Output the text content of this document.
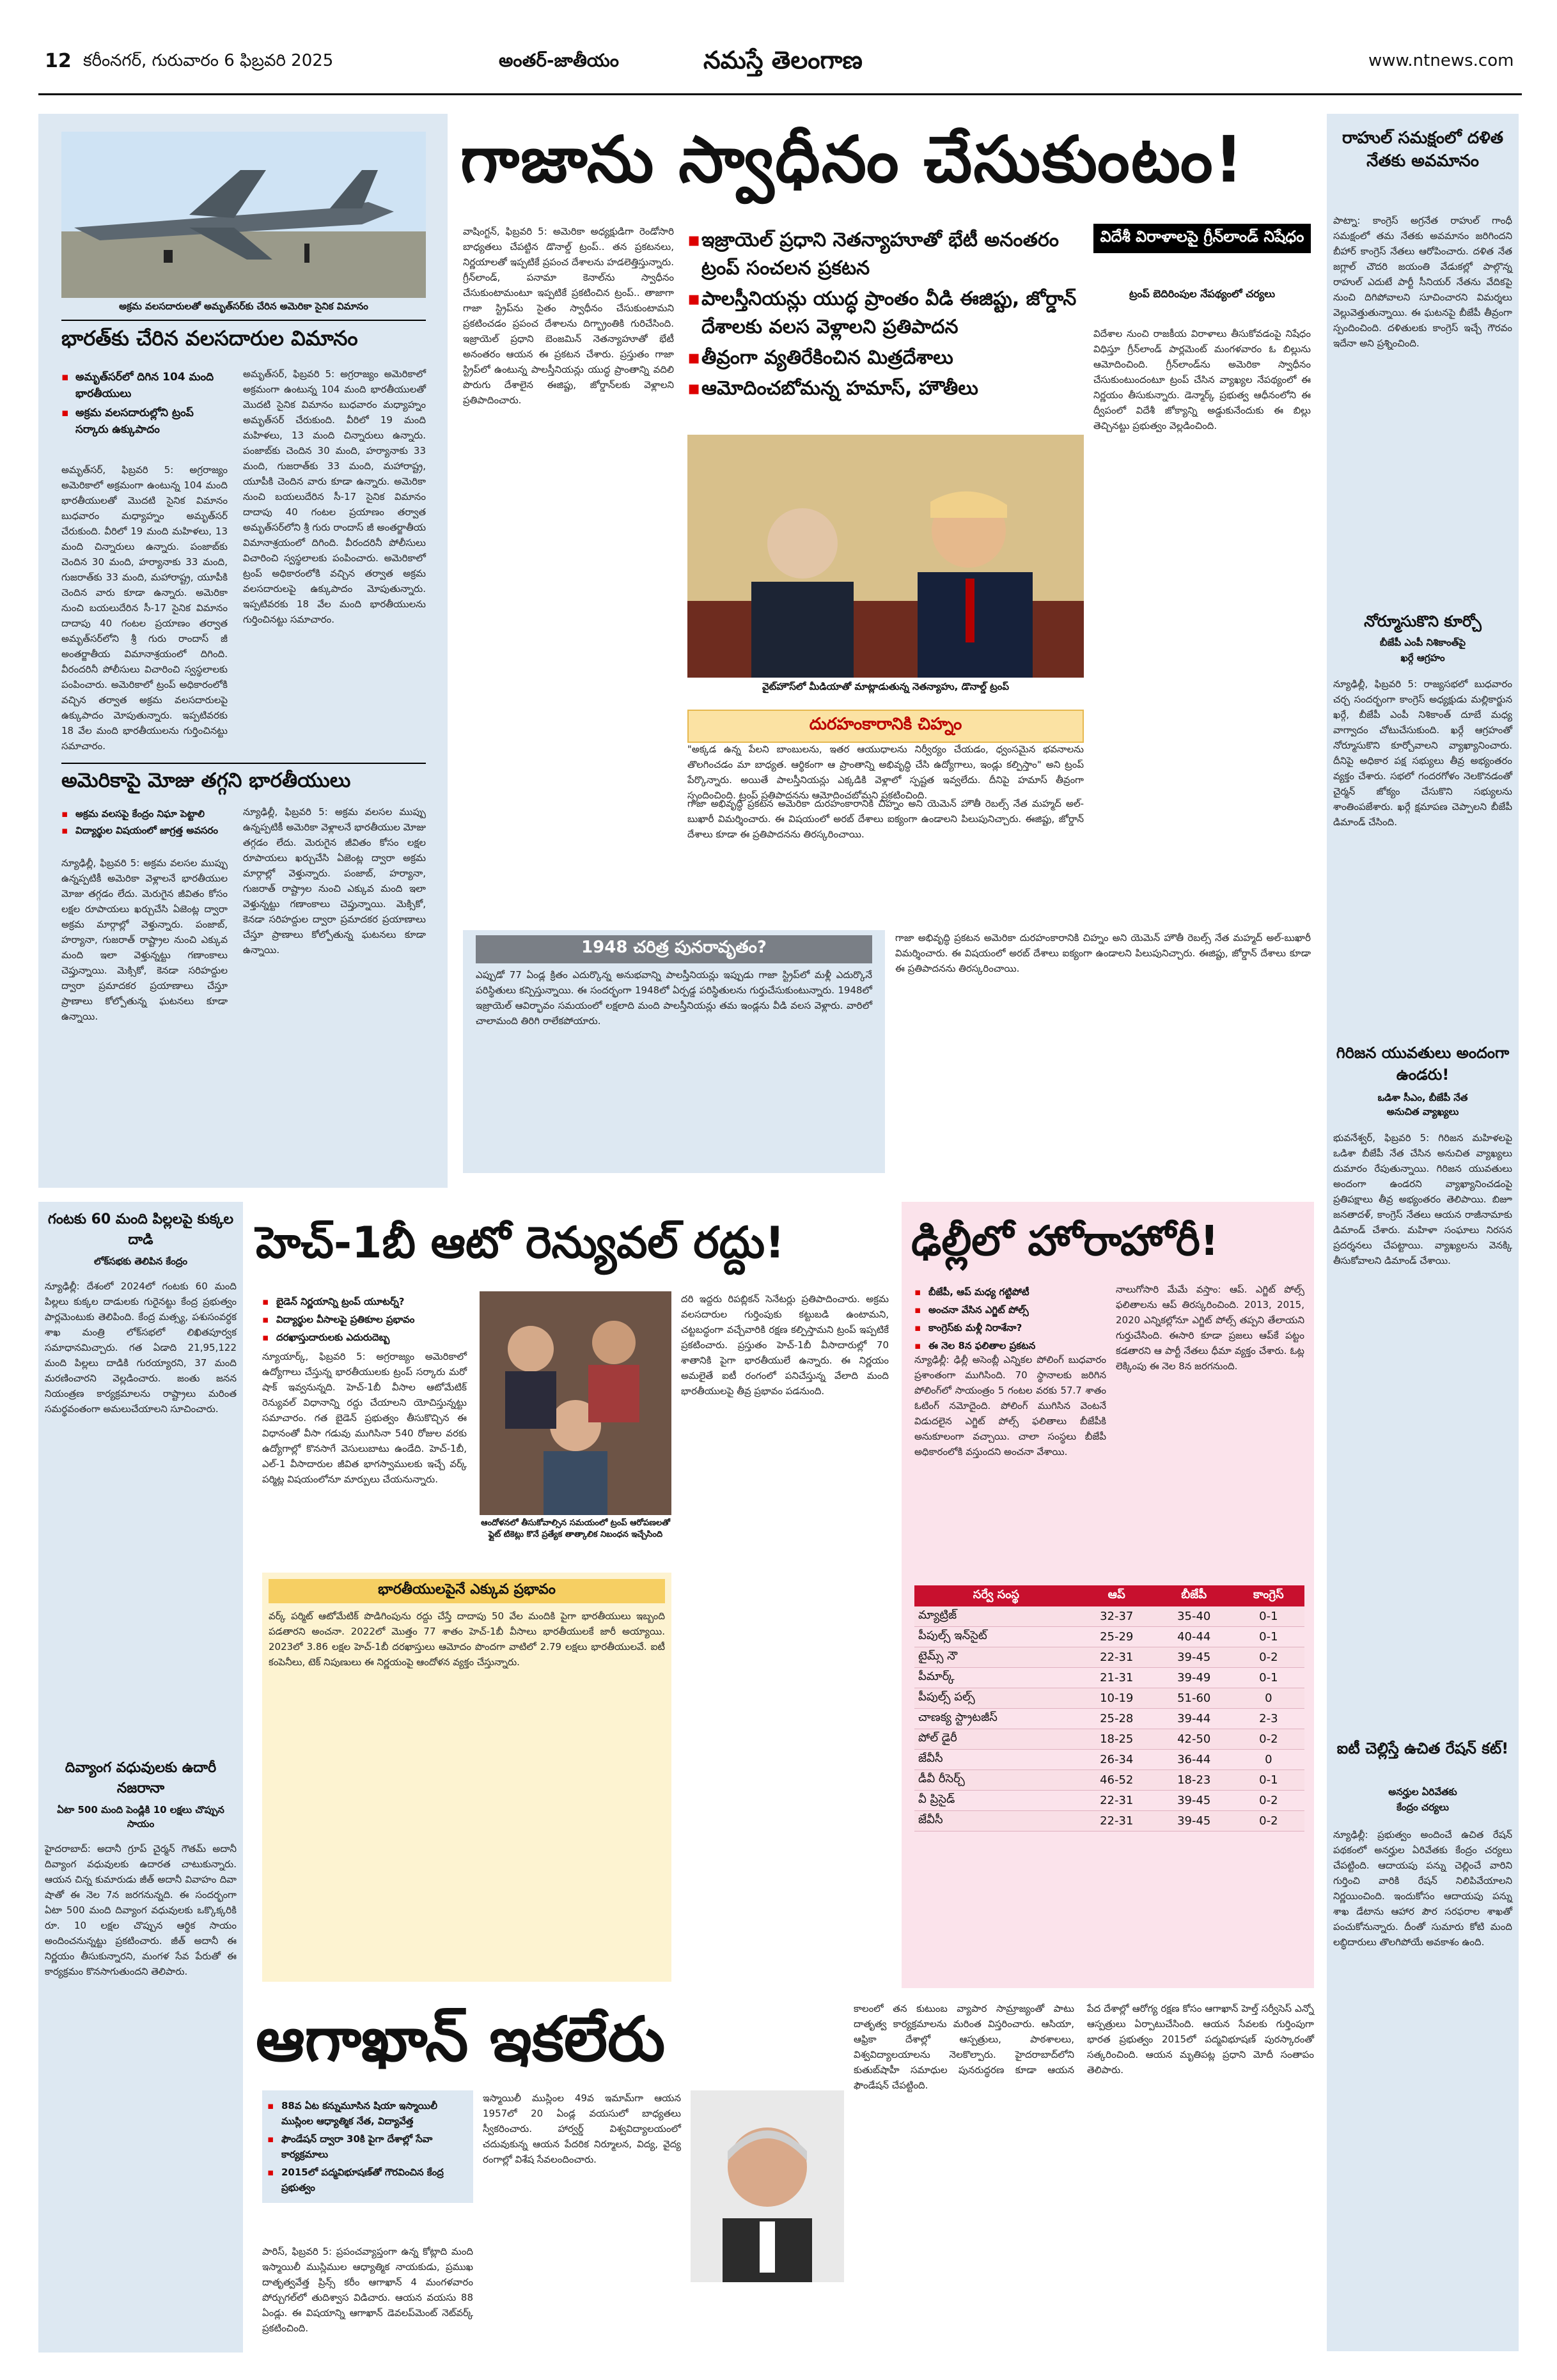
12 కరీంనగర్, గురువారం 6 ఫిబ్రవరి 2025	అంతర్-జాతీయం	నమస్తే తెలంగాణ	www.ntnews.com
అక్రమ వలసదారులతో అమృత్‌సర్‌కు చేరిన అమెరికా సైనిక విమానం
భారత్‌కు చేరిన వలసదారుల విమానం
▪ అమృత్‌సర్‌లో దిగిన 104 మంది భారతీయులు
▪ అక్రమ వలసదారుల్లోని ట్రంప్ సర్కారు ఉక్కుపాదం
అమృత్‌సర్, ఫిబ్రవరి 5: అగ్రరాజ్యం అమెరికాలో అక్రమంగా ఉంటున్న 104 మంది భారతీయులతో మొదటి సైనిక విమానం బుధవారం మధ్యాహ్నం అమృత్‌సర్ చేరుకుంది. వీరిలో 19 మంది మహిళలు, 13 మంది చిన్నారులు ఉన్నారు. పంజాబ్‌కు చెందిన 30 మంది, హర్యానాకు 33 మంది, గుజరాత్‌కు 33 మంది, మహారాష్ట్ర, యూపీకి చెందిన వారు కూడా ఉన్నారు. అమెరికా నుంచి బయలుదేరిన సీ-17 సైనిక విమానం దాదాపు 40 గంటల ప్రయాణం తర్వాత అమృత్‌సర్‌లోని శ్రీ గురు రాందాస్ జీ అంతర్జాతీయ విమానాశ్రయంలో దిగింది. వీరందరినీ పోలీసులు విచారించి స్వస్థలాలకు పంపించారు. అమెరికాలో ట్రంప్ అధికారంలోకి వచ్చిన తర్వాత అక్రమ వలసదారులపై ఉక్కుపాదం మోపుతున్నారు. ఇప్పటివరకు 18 వేల మంది భారతీయులను గుర్తించినట్టు సమాచారం.
అమృత్‌సర్, ఫిబ్రవరి 5: అగ్రరాజ్యం అమెరికాలో అక్రమంగా ఉంటున్న 104 మంది భారతీయులతో మొదటి సైనిక విమానం బుధవారం మధ్యాహ్నం అమృత్‌సర్ చేరుకుంది. వీరిలో 19 మంది మహిళలు, 13 మంది చిన్నారులు ఉన్నారు. పంజాబ్‌కు చెందిన 30 మంది, హర్యానాకు 33 మంది, గుజరాత్‌కు 33 మంది, మహారాష్ట్ర, యూపీకి చెందిన వారు కూడా ఉన్నారు. అమెరికా నుంచి బయలుదేరిన సీ-17 సైనిక విమానం దాదాపు 40 గంటల ప్రయాణం తర్వాత అమృత్‌సర్‌లోని శ్రీ గురు రాందాస్ జీ అంతర్జాతీయ విమానాశ్రయంలో దిగింది. వీరందరినీ పోలీసులు విచారించి స్వస్థలాలకు పంపించారు. అమెరికాలో ట్రంప్ అధికారంలోకి వచ్చిన తర్వాత అక్రమ వలసదారులపై ఉక్కుపాదం మోపుతున్నారు. ఇప్పటివరకు 18 వేల మంది భారతీయులను గుర్తించినట్టు సమాచారం.
అమెరికాపై మోజు తగ్గని భారతీయులు
▪ అక్రమ వలసపై కేంద్రం నిఘా పెట్టాలి
▪ విద్యార్థుల విషయంలో జాగ్రత్త అవసరం
న్యూఢిల్లీ, ఫిబ్రవరి 5: అక్రమ వలసల ముప్పు ఉన్నప్పటికీ అమెరికా వెళ్లాలనే భారతీయుల మోజు తగ్గడం లేదు. మెరుగైన జీవితం కోసం లక్షల రూపాయలు ఖర్చుచేసి ఏజెంట్ల ద్వారా అక్రమ మార్గాల్లో వెళ్తున్నారు. పంజాబ్, హర్యానా, గుజరాత్ రాష్ట్రాల నుంచి ఎక్కువ మంది ఇలా వెళ్తున్నట్టు గణాంకాలు చెప్తున్నాయి. మెక్సికో, కెనడా సరిహద్దుల ద్వారా ప్రమాదకర ప్రయాణాలు చేస్తూ ప్రాణాలు కోల్పోతున్న ఘటనలు కూడా ఉన్నాయి.
న్యూఢిల్లీ, ఫిబ్రవరి 5: అక్రమ వలసల ముప్పు ఉన్నప్పటికీ అమెరికా వెళ్లాలనే భారతీయుల మోజు తగ్గడం లేదు. మెరుగైన జీవితం కోసం లక్షల రూపాయలు ఖర్చుచేసి ఏజెంట్ల ద్వారా అక్రమ మార్గాల్లో వెళ్తున్నారు. పంజాబ్, హర్యానా, గుజరాత్ రాష్ట్రాల నుంచి ఎక్కువ మంది ఇలా వెళ్తున్నట్టు గణాంకాలు చెప్తున్నాయి. మెక్సికో, కెనడా సరిహద్దుల ద్వారా ప్రమాదకర ప్రయాణాలు చేస్తూ ప్రాణాలు కోల్పోతున్న ఘటనలు కూడా ఉన్నాయి.
గాజాను స్వాధీనం చేసుకుంటం!
వాషింగ్టన్, ఫిబ్రవరి 5: అమెరికా అధ్యక్షుడిగా రెండోసారి బాధ్యతలు చేపట్టిన డొనాల్డ్ ట్రంప్.. తన ప్రకటనలు, నిర్ణయాలతో ఇప్పటికే ప్రపంచ దేశాలను హడలెత్తిస్తున్నారు. గ్రీన్‌లాండ్, పనామా కెనాల్‌ను స్వాధీనం చేసుకుంటామంటూ ఇప్పటికే ప్రకటించిన ట్రంప్.. తాజాగా గాజా స్ట్రిప్‌ను సైతం స్వాధీనం చేసుకుంటామని ప్రకటించడం ప్రపంచ దేశాలను దిగ్భ్రాంతికి గురిచేసింది. ఇజ్రాయెల్ ప్రధాని బెంజమిన్ నెతన్యాహూతో భేటీ అనంతరం ఆయన ఈ ప్రకటన చేశారు. ప్రస్తుతం గాజా స్ట్రిప్‌లో ఉంటున్న పాలస్తీనియన్లు యుద్ధ ప్రాంతాన్ని వదిలి పొరుగు దేశాలైన ఈజిప్టు, జోర్డాన్‌లకు వెళ్లాలని ప్రతిపాదించారు.
▪ ఇజ్రాయెల్ ప్రధాని నెతన్యాహూతో భేటీ అనంతరం ట్రంప్ సంచలన ప్రకటన
▪ పాలస్తీనియన్లు యుద్ధ ప్రాంతం వీడి ఈజిప్టు, జోర్డాన్ దేశాలకు వలస వెళ్లాలని ప్రతిపాదన
▪ తీవ్రంగా వ్యతిరేకించిన మిత్రదేశాలు
▪ ఆమోదించబోమన్న హమాస్, హౌతీలు
విదేశీ విరాళాలపై గ్రీన్‌లాండ్ నిషేధం
ట్రంప్ బెదిరింపుల నేపథ్యంలో చర్యలు
విదేశాల నుంచి రాజకీయ విరాళాలు తీసుకోవడంపై నిషేధం విధిస్తూ గ్రీన్‌లాండ్ పార్లమెంట్ మంగళవారం ఓ బిల్లును ఆమోదించింది. గ్రీన్‌లాండ్‌ను అమెరికా స్వాధీనం చేసుకుంటుందంటూ ట్రంప్ చేసిన వ్యాఖ్యల నేపథ్యంలో ఈ నిర్ణయం తీసుకున్నారు. డెన్మార్క్ ప్రభుత్వ ఆధీనంలోని ఈ ద్వీపంలో విదేశీ జోక్యాన్ని అడ్డుకునేందుకు ఈ బిల్లు తెచ్చినట్టు ప్రభుత్వం వెల్లడించింది.
వైట్‌హౌస్‌లో మీడియాతో మాట్లాడుతున్న నెతన్యాహు, డొనాల్డ్ ట్రంప్
దురహంకారానికి చిహ్నం
"అక్కడ ఉన్న పేలని బాంబులను, ఇతర ఆయుధాలను నిర్వీర్యం చేయడం, ధ్వంసమైన భవనాలను తొలగించడం మా బాధ్యత. ఆర్థికంగా ఆ ప్రాంతాన్ని అభివృద్ధి చేసి ఉద్యోగాలు, ఇండ్లు కల్పిస్తాం" అని ట్రంప్ పేర్కొన్నారు. అయితే పాలస్తీనియన్లు ఎక్కడికి వెళ్లాలో స్పష్టత ఇవ్వలేదు. దీనిపై హమాస్ తీవ్రంగా స్పందించింది. ట్రంప్ ప్రతిపాదనను ఆమోదించబోమని ప్రకటించింది.
1948 చరిత్ర పునరావృతం?
ఎప్పుడో 77 ఏండ్ల క్రితం ఎదుర్కొన్న అనుభవాన్ని పాలస్తీనియన్లు ఇప్పుడు గాజా స్ట్రిప్‌లో మళ్లీ ఎదుర్కొనే పరిస్థితులు కన్పిస్తున్నాయి. ఈ సందర్భంగా 1948లో ఏర్పడ్డ పరిస్థితులను గుర్తుచేసుకుంటున్నారు. 1948లో ఇజ్రాయెల్ ఆవిర్భావం సమయంలో లక్షలాది మంది పాలస్తీనియన్లు తమ ఇండ్లను వీడి వలస వెళ్లారు. వారిలో చాలామంది తిరిగి రాలేకపోయారు.
గాజా అభివృద్ధి ప్రకటన అమెరికా దురహంకారానికి చిహ్నం అని యెమెన్ హౌతీ రెబల్స్ నేత మహ్మద్ అల్-బుఖారీ విమర్శించారు. ఈ విషయంలో అరబ్ దేశాలు ఐక్యంగా ఉండాలని పిలుపునిచ్చారు. ఈజిప్టు, జోర్డాన్ దేశాలు కూడా ఈ ప్రతిపాదనను తిరస్కరించాయి.
గాజా అభివృద్ధి ప్రకటన అమెరికా దురహంకారానికి చిహ్నం అని యెమెన్ హౌతీ రెబల్స్ నేత మహ్మద్ అల్-బుఖారీ విమర్శించారు. ఈ విషయంలో అరబ్ దేశాలు ఐక్యంగా ఉండాలని పిలుపునిచ్చారు. ఈజిప్టు, జోర్డాన్ దేశాలు కూడా ఈ ప్రతిపాదనను తిరస్కరించాయి.
రాహుల్ సమక్షంలో దళిత నేతకు అవమానం
పాట్నా: కాంగ్రెస్ అగ్రనేత రాహుల్ గాంధీ సమక్షంలో తమ నేతకు అవమానం జరిగిందని బీహార్ కాంగ్రెస్ నేతలు ఆరోపించారు. దళిత నేత జగ్లాల్ చౌదరి జయంతి వేడుకల్లో పాల్గొన్న రాహుల్ ఎదుటే పార్టీ సీనియర్ నేతను వేదికపై నుంచి దిగిపోవాలని సూచించారని విమర్శలు వెల్లువెత్తుతున్నాయి. ఈ ఘటనపై బీజేపీ తీవ్రంగా స్పందించింది. దళితులకు కాంగ్రెస్ ఇచ్చే గౌరవం ఇదేనా అని ప్రశ్నించింది.
నోర్మూసుకొని కూర్చో
బీజేపీ ఎంపీ నిశికాంత్‌పై
ఖర్గే ఆగ్రహం
న్యూఢిల్లీ, ఫిబ్రవరి 5: రాజ్యసభలో బుధవారం చర్చ సందర్భంగా కాంగ్రెస్ అధ్యక్షుడు మల్లికార్జున ఖర్గే, బీజేపీ ఎంపీ నిశికాంత్ దూబే మధ్య వాగ్వాదం చోటుచేసుకుంది. ఖర్గే ఆగ్రహంతో నోర్మూసుకొని కూర్చోవాలని వ్యాఖ్యానించారు. దీనిపై అధికార పక్ష సభ్యులు తీవ్ర అభ్యంతరం వ్యక్తం చేశారు. సభలో గందరగోళం నెలకొనడంతో చైర్మన్ జోక్యం చేసుకొని సభ్యులను శాంతింపజేశారు. ఖర్గే క్షమాపణ చెప్పాలని బీజేపీ డిమాండ్ చేసింది.
గిరిజన యువతులు అందంగా ఉండరు!
ఒడిశా సీఎం, బీజేపీ నేత
అనుచిత వ్యాఖ్యలు
భువనేశ్వర్, ఫిబ్రవరి 5: గిరిజన మహిళలపై ఒడిశా బీజేపీ నేత చేసిన అనుచిత వ్యాఖ్యలు దుమారం రేపుతున్నాయి. గిరిజన యువతులు అందంగా ఉండరని వ్యాఖ్యానించడంపై ప్రతిపక్షాలు తీవ్ర అభ్యంతరం తెలిపాయి. బిజూ జనతాదళ్, కాంగ్రెస్ నేతలు ఆయన రాజీనామాకు డిమాండ్ చేశారు. మహిళా సంఘాలు నిరసన ప్రదర్శనలు చేపట్టాయి. వ్యాఖ్యలను వెనక్కి తీసుకోవాలని డిమాండ్ చేశాయి.
ఐటీ చెల్లిస్తే ఉచిత రేషన్ కట్!
అనర్హుల ఏరివేతకు
కేంద్రం చర్యలు
న్యూఢిల్లీ: ప్రభుత్వం అందించే ఉచిత రేషన్ పథకంలో అనర్హుల ఏరివేతకు కేంద్రం చర్యలు చేపట్టింది. ఆదాయపు పన్ను చెల్లించే వారిని గుర్తించి వారికి రేషన్ నిలిపివేయాలని నిర్ణయించింది. ఇందుకోసం ఆదాయపు పన్ను శాఖ డేటాను ఆహార పౌర సరఫరాల శాఖతో పంచుకోనున్నారు. దీంతో సుమారు కోటి మంది లబ్ధిదారులు తొలగిపోయే అవకాశం ఉంది.
గంటకు 60 మంది పిల్లలపై కుక్కల దాడి
లోక్‌సభకు తెలిపిన కేంద్రం
న్యూఢిల్లీ: దేశంలో 2024లో గంటకు 60 మంది పిల్లలు కుక్కల దాడులకు గురైనట్టు కేంద్ర ప్రభుత్వం పార్లమెంటుకు తెలిపింది. కేంద్ర మత్స్య, పశుసంవర్ధక శాఖ మంత్రి లోక్‌సభలో లిఖితపూర్వక సమాధానమిచ్చారు. గత ఏడాది 21,95,122 మంది పిల్లలు దాడికి గురయ్యారని, 37 మంది మరణించారని వెల్లడించారు. జంతు జనన నియంత్రణ కార్యక్రమాలను రాష్ట్రాలు మరింత సమర్థవంతంగా అమలుచేయాలని సూచించారు.
దివ్యాంగ వధువులకు ఉదారీ నజరానా
ఏటా 500 మంది పెండ్లికి 10 లక్షలు చొప్పున సాయం
హైదరాబాద్: అదానీ గ్రూప్ చైర్మన్ గౌతమ్ అదానీ దివ్యాంగ వధువులకు ఉదారత చాటుకున్నారు. ఆయన చిన్న కుమారుడు జీత్ అదానీ వివాహం దివా షాతో ఈ నెల 7న జరగనున్నది. ఈ సందర్భంగా ఏటా 500 మంది దివ్యాంగ వధువులకు ఒక్కొక్కరికి రూ. 10 లక్షల చొప్పున ఆర్థిక సాయం అందించనున్నట్టు ప్రకటించారు. జీత్ అదానీ ఈ నిర్ణయం తీసుకున్నారని, మంగళ సేవ పేరుతో ఈ కార్యక్రమం కొనసాగుతుందని తెలిపారు.
హెచ్-1బీ ఆటో రెన్యువల్ రద్దు!
▪ బైడెన్ నిర్ణయాన్ని ట్రంప్ యూటర్న్?
▪ విద్యార్థుల వీసాలపై ప్రతికూల ప్రభావం
▪ దరఖాస్తుదారులకు ఎదురుదెబ్బ
న్యూయార్క్, ఫిబ్రవరి 5: అగ్రరాజ్యం అమెరికాలో ఉద్యోగాలు చేస్తున్న భారతీయులకు ట్రంప్ సర్కారు మరో షాక్ ఇవ్వనున్నది. హెచ్-1బీ వీసాల ఆటోమేటిక్ రెన్యువల్ విధానాన్ని రద్దు చేయాలని యోచిస్తున్నట్టు సమాచారం. గత బైడెన్ ప్రభుత్వం తీసుకొచ్చిన ఈ విధానంతో వీసా గడువు ముగిసినా 540 రోజుల వరకు ఉద్యోగాల్లో కొనసాగే వెసులుబాటు ఉండేది. హెచ్-1బీ, ఎల్-1 వీసాదారుల జీవిత భాగస్వాములకు ఇచ్చే వర్క్ పర్మిట్ల విషయంలోనూ మార్పులు చేయనున్నారు.
ఆందోళనలో తీసుకోవాల్సిన సమయంలో ట్రంప్ ఆరోపణలతో ఫ్లైట్ టికెట్లు కొనే ప్రత్యేక తాత్కాలిక నిబంధన ఇచ్చేసింది
దరి ఇద్దరు రిపబ్లికన్ సెనేటర్లు ప్రతిపాదించారు. అక్రమ వలసదారుల గుర్తింపుకు కట్టుబడి ఉంటామని, చట్టబద్ధంగా వచ్చేవారికి రక్షణ కల్పిస్తామని ట్రంప్ ఇప్పటికే ప్రకటించారు. ప్రస్తుతం హెచ్-1బీ వీసాదారుల్లో 70 శాతానికి పైగా భారతీయులే ఉన్నారు. ఈ నిర్ణయం అమలైతే ఐటీ రంగంలో పనిచేస్తున్న వేలాది మంది భారతీయులపై తీవ్ర ప్రభావం పడనుంది.
భారతీయులపైనే ఎక్కువ ప్రభావం
వర్క్ పర్మిట్ ఆటోమేటిక్ పొడిగింపును రద్దు చేస్తే దాదాపు 50 వేల మందికి పైగా భారతీయులు ఇబ్బంది పడతారని అంచనా. 2022లో మొత్తం 77 శాతం హెచ్-1బీ వీసాలు భారతీయులకే జారీ అయ్యాయి. 2023లో 3.86 లక్షల హెచ్-1బీ దరఖాస్తులు ఆమోదం పొందగా వాటిలో 2.79 లక్షలు భారతీయులవే. ఐటీ కంపెనీలు, టెక్ నిపుణులు ఈ నిర్ణయంపై ఆందోళన వ్యక్తం చేస్తున్నారు.
ఢిల్లీలో హోరాహోరీ!
▪ బీజేపీ, ఆప్ మధ్య గట్టిపోటీ
▪ అంచనా వేసిన ఎగ్జిట్ పోల్స్
▪ కాంగ్రెస్‌కు మళ్లీ నిరాశేనా?
▪ ఈ నెల 8న ఫలితాల ప్రకటన
న్యూఢిల్లీ: ఢిల్లీ అసెంబ్లీ ఎన్నికల పోలింగ్ బుధవారం ప్రశాంతంగా ముగిసింది. 70 స్థానాలకు జరిగిన పోలింగ్‌లో సాయంత్రం 5 గంటల వరకు 57.7 శాతం ఓటింగ్ నమోదైంది. పోలింగ్ ముగిసిన వెంటనే విడుదలైన ఎగ్జిట్ పోల్స్ ఫలితాలు బీజేపీకి అనుకూలంగా వచ్చాయి. చాలా సంస్థలు బీజేపీ అధికారంలోకి వస్తుందని అంచనా వేశాయి.
నాలుగోసారి మేమే వస్తాం: ఆప్. ఎగ్జిట్ పోల్స్ ఫలితాలను ఆప్ తిరస్కరించింది. 2013, 2015, 2020 ఎన్నికల్లోనూ ఎగ్జిట్ పోల్స్ తప్పని తేలాయని గుర్తుచేసింది. ఈసారి కూడా ప్రజలు ఆప్‌కే పట్టం కడతారని ఆ పార్టీ నేతలు ధీమా వ్యక్తం చేశారు. ఓట్ల లెక్కింపు ఈ నెల 8న జరగనుంది.
సర్వే సంస్థ	ఆప్	బీజేపీ	కాంగ్రెస్
మ్యాట్రిజ్	32-37	35-40	0-1
పీపుల్స్ ఇన్‌సైట్	25-29	40-44	0-1
టైమ్స్ నౌ	22-31	39-45	0-2
పీమార్క్	21-31	39-49	0-1
పీపుల్స్ పల్స్	10-19	51-60	0
చాణక్య స్ట్రాటజీస్	25-28	39-44	2-3
పోల్ డైరీ	18-25	42-50	0-2
జేవీసీ	26-34	36-44	0
డీవీ రీసెర్చ్	46-52	18-23	0-1
వీ ప్రిసైడ్	22-31	39-45	0-2
జేవీసీ	22-31	39-45	0-2
ఆగాఖాన్ ఇకలేరు
▪ 88వ ఏట కన్నుమూసిన షియా ఇస్మాయిలీ ముస్లింల ఆధ్యాత్మిక నేత, విద్యావేత్త
▪ ఫౌండేషన్ ద్వారా 30కి పైగా దేశాల్లో సేవా కార్యక్రమాలు
▪ 2015లో పద్మవిభూషణ్‌తో గౌరవించిన కేంద్ర ప్రభుత్వం
పారిస్, ఫిబ్రవరి 5: ప్రపంచవ్యాప్తంగా ఉన్న కోట్లాది మంది ఇస్మాయిలీ ముస్లిముల ఆధ్యాత్మిక నాయకుడు, ప్రముఖ దాతృత్వవేత్త ప్రిన్స్ కరీం ఆగాఖాన్ 4 మంగళవారం పోర్చుగల్‌లో తుదిశ్వాస విడిచారు. ఆయన వయసు 88 ఏండ్లు. ఈ విషయాన్ని ఆగాఖాన్ డెవలప్‌మెంట్ నెట్‌వర్క్ ప్రకటించింది.
ఇస్మాయిలీ ముస్లింల 49వ ఇమామ్‌గా ఆయన 1957లో 20 ఏండ్ల వయసులో బాధ్యతలు స్వీకరించారు. హార్వర్డ్ విశ్వవిద్యాలయంలో చదువుకున్న ఆయన పేదరిక నిర్మూలన, విద్య, వైద్య రంగాల్లో విశేష సేవలందించారు.
కాలంలో తన కుటుంబ వ్యాపార సామ్రాజ్యంతో పాటు దాతృత్వ కార్యక్రమాలను మరింత విస్తరించారు. ఆసియా, ఆఫ్రికా దేశాల్లో ఆస్పత్రులు, పాఠశాలలు, విశ్వవిద్యాలయాలను నెలకొల్పారు. హైదరాబాద్‌లోని కుతుబ్‌షాహీ సమాధుల పునరుద్ధరణ కూడా ఆయన ఫౌండేషన్ చేపట్టింది.
పేద దేశాల్లో ఆరోగ్య రక్షణ కోసం ఆగాఖాన్ హెల్త్ సర్వీసెస్ ఎన్నో ఆస్పత్రులు ఏర్పాటుచేసింది. ఆయన సేవలకు గుర్తింపుగా భారత ప్రభుత్వం 2015లో పద్మవిభూషణ్ పురస్కారంతో సత్కరించింది. ఆయన మృతిపట్ల ప్రధాని మోదీ సంతాపం తెలిపారు.
